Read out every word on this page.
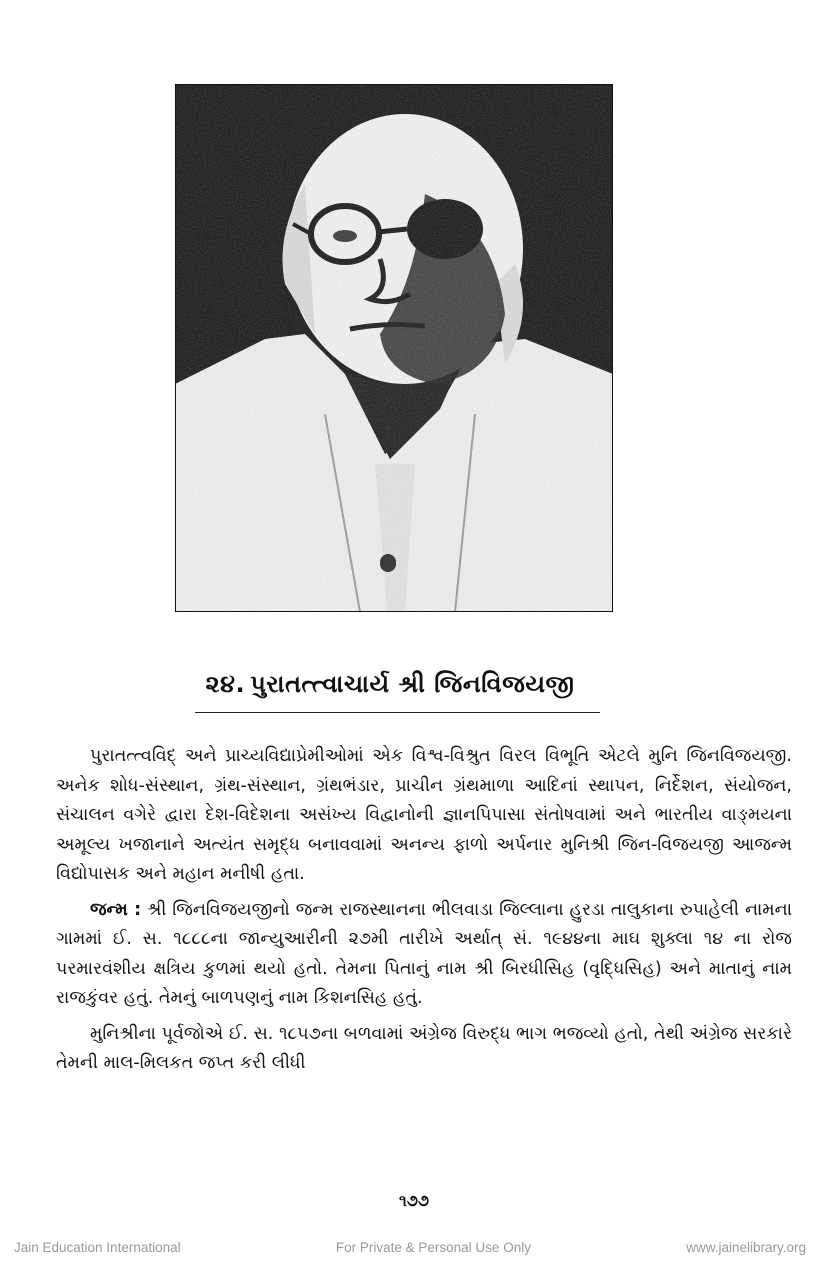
૨૪. પુરાતત્ત્વાચાર્ય શ્રી જિનવિજયજી

પુરાતત્ત્વવિદ્ અને પ્રાચ્યવિદ્યાપ્રેમીઓમાં એક વિશ્વ-વિશ્રુત વિરલ વિભૂતિ એટલે મુનિ જિનવિજયજી. અનેક શોધ-સંસ્થાન, ગ્રંથ-સંસ્થાન, ગ્રંથભંડાર, પ્રાચીન ગ્રંથમાળા આદિનાં સ્થાપન, નિર્દેશન, સંયોજન, સંચાલન વગેરે દ્વારા દેશ-વિદેશના અસંખ્ય વિદ્વાનોની જ્ઞાનપિપાસા સંતોષવામાં અને ભારતીય વાઙ્મયના અમૂલ્ય ખજાનાને અત્યંત સમૃદ્ધ બનાવવામાં અનન્ય ફાળો અર્પનાર મુનિશ્રી જિન-વિજયજી આજન્મ વિદ્યોપાસક અને મહાન મનીષી હતા.

જન્મ : શ્રી જિનવિજયજીનો જન્મ રાજસ્થાનના ભીલવાડા જિલ્લાના હુરડા તાલુકાના રુપાહેલી નામના ગામમાં ઈ. સ. ૧૮૮૮ના જાન્યુઆરીની ૨૭મી તારીખે અર્થાત્ સં. ૧૯૪૪ના માઘ શુક્લા ૧૪ ના રોજ પરમારવંશીય ક્ષત્રિય કુળમાં થયો હતો. તેમના પિતાનું નામ શ્રી બિરધીસિહ (વૃદ્ધિસિહ) અને માતાનું નામ રાજકુંવર હતું. તેમનું બાળપણનું નામ કિશનસિહ હતું.

મુનિશ્રીના પૂર્વજોએ ઈ. સ. ૧૮૫૭ના બળવામાં અંગ્રેજ વિરુદ્ધ ભાગ ભજવ્યો હતો, તેથી અંગ્રેજ સરકારે તેમની માલ-મિલકત જપ્ત કરી લીધી

૧૭૭
Jain Education International	For Private & Personal Use Only	www.jainelibrary.org
